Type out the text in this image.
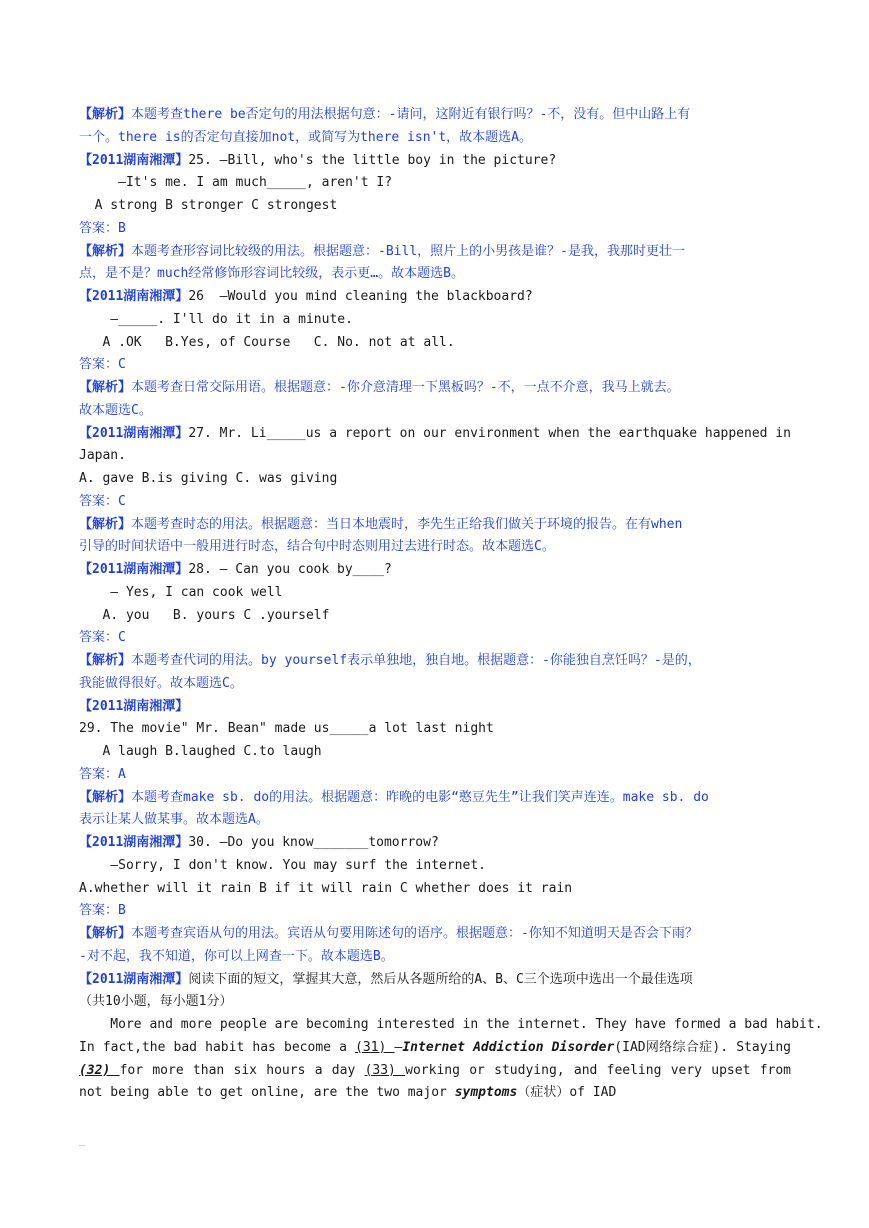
【解析】本题考查there be否定句的用法根据句意：-请问，这附近有银行吗？-不，没有。但中山路上有
一个。there is的否定句直接加not，或简写为there isn't，故本题选A。
【2011湖南湘潭】25. —Bill, who's the little boy in the picture?
—It's me. I am much_____, aren't I?
A strong B stronger C strongest
答案：B
【解析】本题考查形容词比较级的用法。根据题意：-Bill，照片上的小男孩是谁？-是我，我那时更壮一
点，是不是？much经常修饰形容词比较级，表示更…。故本题选B。
【2011湖南湘潭】26  —Would you mind cleaning the blackboard?
—_____. I'll do it in a minute.
A .OK   B.Yes, of Course   C. No. not at all.
答案：C
【解析】本题考查日常交际用语。根据题意：-你介意清理一下黑板吗？-不，一点不介意，我马上就去。
故本题选C。
【2011湖南湘潭】27. Mr. Li_____us a report on our environment when the earthquake happened in
Japan.
A. gave B.is giving C. was giving
答案：C
【解析】本题考查时态的用法。根据题意：当日本地震时，李先生正给我们做关于环境的报告。在有when
引导的时间状语中一般用进行时态，结合句中时态则用过去进行时态。故本题选C。
【2011湖南湘潭】28. — Can you cook by____?
— Yes, I can cook well
A. you   B. yours C .yourself
答案：C
【解析】本题考查代词的用法。by yourself表示单独地，独自地。根据题意：-你能独自烹饪吗？-是的，
我能做得很好。故本题选C。
【2011湖南湘潭】
29. The movie" Mr. Bean" made us_____a lot last night
A laugh B.laughed C.to laugh
答案：A
【解析】本题考查make sb. do的用法。根据题意：昨晚的电影“憨豆先生”让我们笑声连连。make sb. do
表示让某人做某事。故本题选A。
【2011湖南湘潭】30. —Do you know_______tomorrow?
—Sorry, I don't know. You may surf the internet.
A.whether will it rain B if it will rain C whether does it rain
答案：B
【解析】本题考查宾语从句的用法。宾语从句要用陈述句的语序。根据题意：-你知不知道明天是否会下雨？
-对不起，我不知道，你可以上网查一下。故本题选B。
【2011湖南湘潭】阅读下面的短文，掌握其大意，然后从各题所给的A、B、C三个选项中选出一个最佳选项
（共10小题，每小题1分）
More and more people are becoming interested in the internet. They have formed a bad habit.
In fact,the bad habit has become a (31) —Internet Addiction Disorder(IAD网络综合症). Staying
(32) for more than six hours a day (33) working or studying, and feeling very upset from
not being able to get online, are the two major symptoms（症状）of IAD
